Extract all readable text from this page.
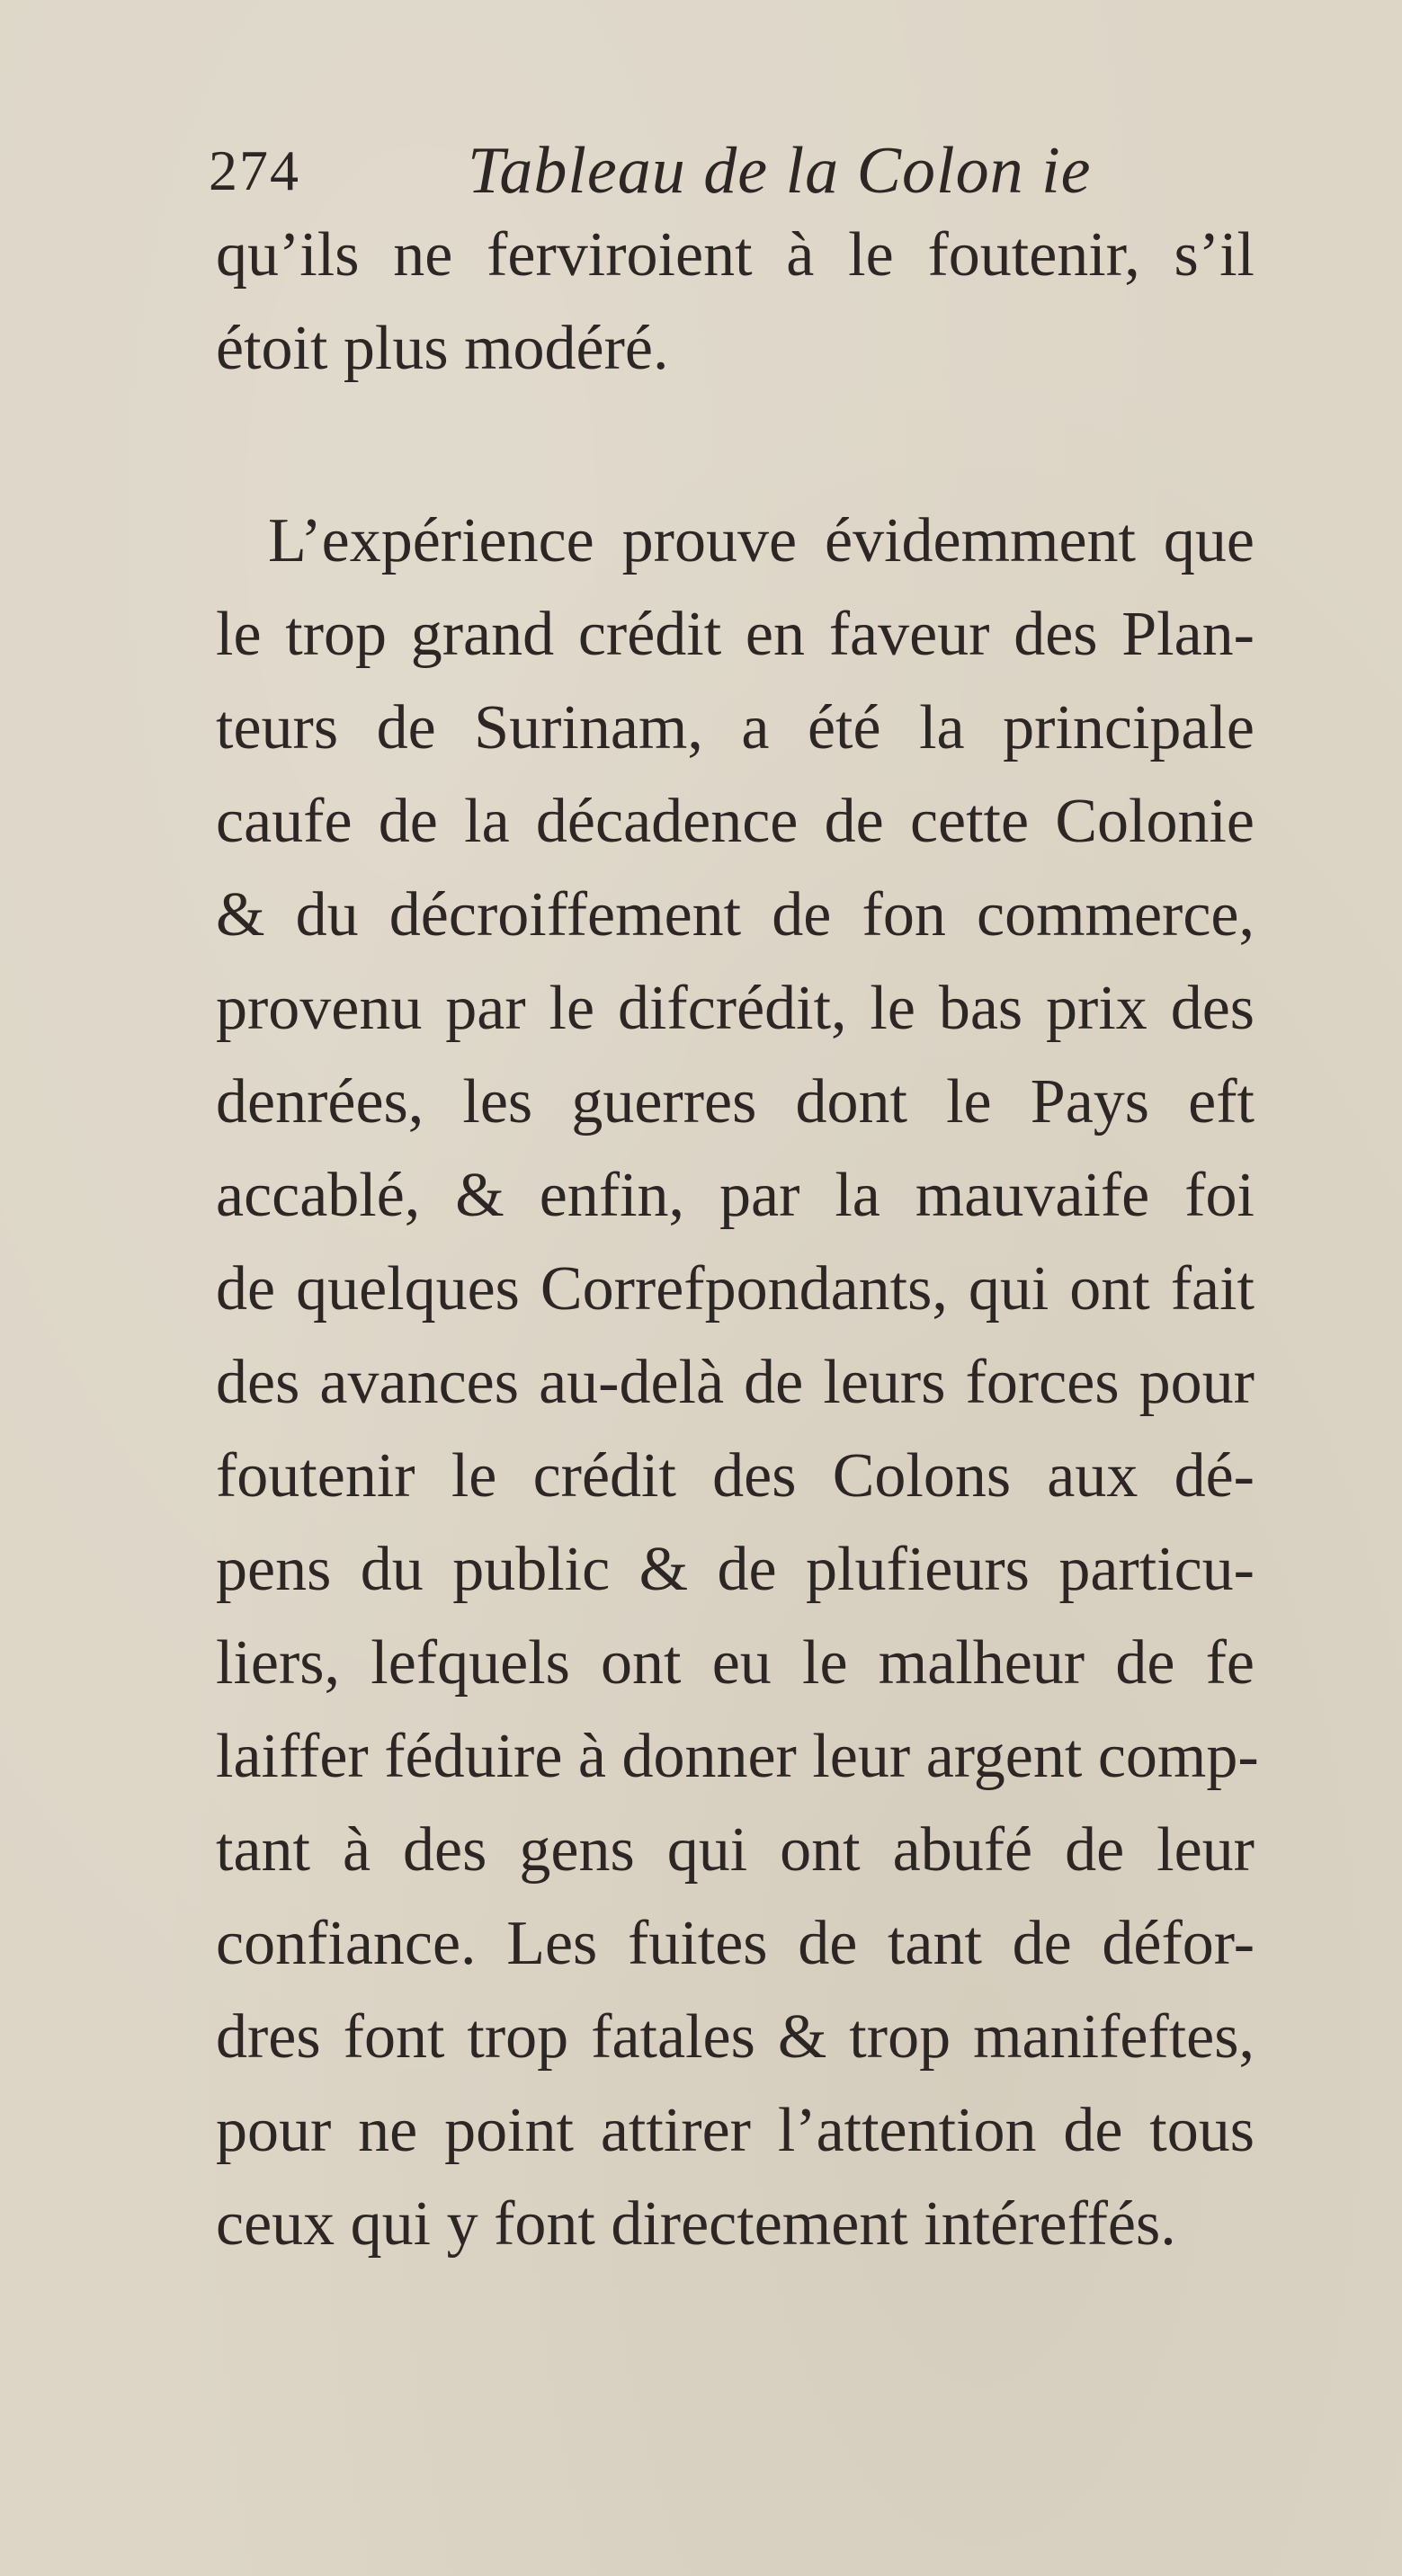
274	Tableau de la Colon ie
qu’ils ne ferviroient à le foutenir, s’il
étoit plus modéré.
L’expérience prouve évidemment que
le trop grand crédit en faveur des Plan-
teurs de Surinam, a été la principale
caufe de la décadence de cette Colonie
& du décroiffement de fon commerce,
provenu par le difcrédit, le bas prix des
denrées, les guerres dont le Pays eft
accablé, & enfin, par la mauvaife foi
de quelques Correfpondants, qui ont fait
des avances au-delà de leurs forces pour
foutenir le crédit des Colons aux dé-
pens du public & de plufieurs particu-
liers, lefquels ont eu le malheur de fe
laiffer féduire à donner leur argent comp-
tant à des gens qui ont abufé de leur
confiance. Les fuites de tant de défor-
dres font trop fatales & trop manifeftes,
pour ne point attirer l’attention de tous
ceux qui y font directement intéreffés.
